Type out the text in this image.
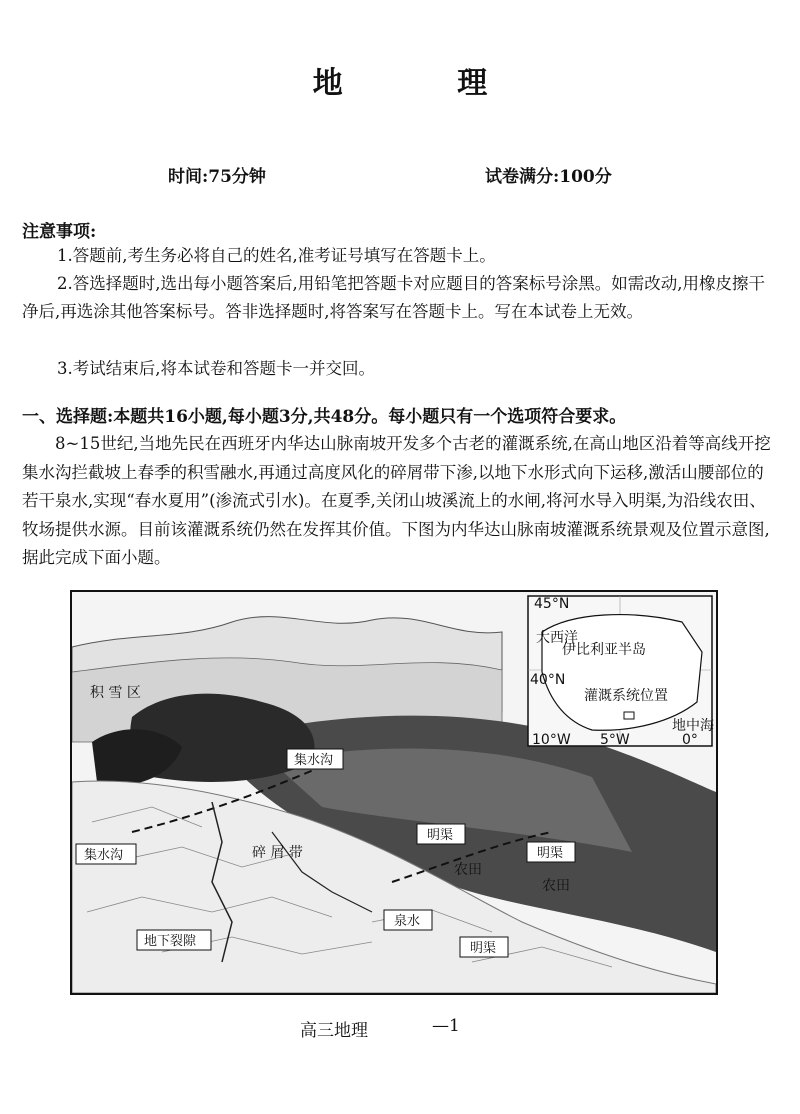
地 理
时间:75分钟	试卷满分:100分
注意事项:
1.答题前,考生务必将自己的姓名,准考证号填写在答题卡上。
2.答选择题时,选出每小题答案后,用铅笔把答题卡对应题目的答案标号涂黑。如需改动,用橡皮擦干净后,再选涂其他答案标号。答非选择题时,将答案写在答题卡上。写在本试卷上无效。
3.考试结束后,将本试卷和答题卡一并交回。
一、选择题:本题共16小题,每小题3分,共48分。每小题只有一个选项符合要求。
8~15世纪,当地先民在西班牙内华达山脉南坡开发多个古老的灌溉系统,在高山地区沿着等高线开挖集水沟拦截坡上春季的积雪融水,再通过高度风化的碎屑带下渗,以地下水形式向下运移,激活山腰部位的若干泉水,实现“春水夏用”(渗流式引水)。在夏季,关闭山坡溪流上的水闸,将河水导入明渠,为沿线农田、牧场提供水源。目前该灌溉系统仍然在发挥其价值。下图为内华达山脉南坡灌溉系统景观及位置示意图,据此完成下面小题。
45°N
40°N
10°W 5°W	0°
伊比利亚半岛
大西洋
地中海
灌溉系统位置
积 雪 区
集水沟
集水沟	碎 屑 带
明渠
明渠
明渠
农田
农田
泉水
地下裂隙
高三地理	—1
